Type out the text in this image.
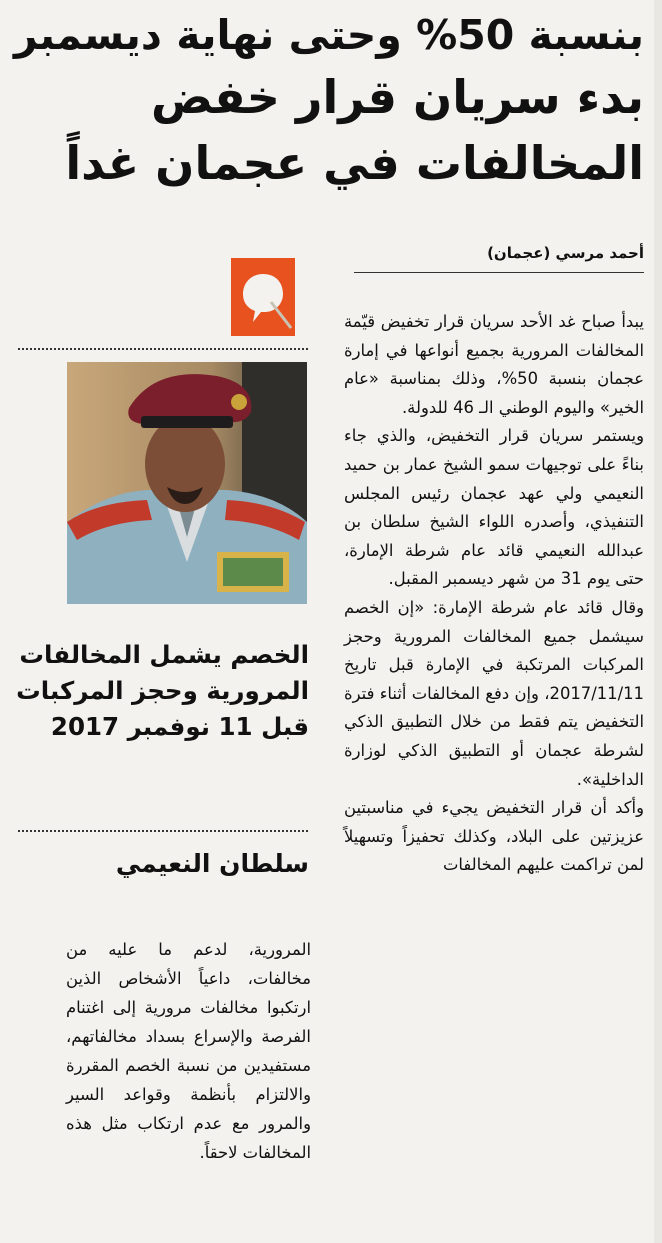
بنسبة 50% وحتى نهاية ديسمبر
بدء سريان قرار خفض
المخالفات في عجمان غداً
أحمد مرسي (عجمان)

يبدأ صباح غد الأحد سريان قرار تخفيض قيّمة المخالفات المرورية بجميع أنواعها في إمارة عجمان بنسبة 50%، وذلك بمناسبة «عام الخير» واليوم الوطني الـ 46 للدولة.

ويستمر سريان قرار التخفيض، والذي جاء بناءً على توجيهات سمو الشيخ عمار بن حميد النعيمي ولي عهد عجمان رئيس المجلس التنفيذي، وأصدره اللواء الشيخ سلطان بن عبدالله النعيمي قائد عام شرطة الإمارة، حتى يوم 31 من شهر ديسمبر المقبل.

وقال قائد عام شرطة الإمارة: «إن الخصم سيشمل جميع المخالفات المرورية وحجز المركبات المرتكبة في الإمارة قبل تاريخ 2017/11/11، وإن دفع المخالفات أثناء فترة التخفيض يتم فقط من خلال التطبيق الذكي لشرطة عجمان أو التطبيق الذكي لوزارة الداخلية».

وأكد أن قرار التخفيض يجيء في مناسبتين عزيزتين على البلاد، وكذلك تحفيزاً وتسهيلاً لمن تراكمت عليهم المخالفات

الخصم يشمل المخالفات المرورية وحجز المركبات قبل 11 نوفمبر 2017
سلطان النعيمي

المرورية، لدعم ما عليه من مخالفات، داعياً الأشخاص الذين ارتكبوا مخالفات مرورية إلى اغتنام الفرصة والإسراع بسداد مخالفاتهم، مستفيدين من نسبة الخصم المقررة والالتزام بأنظمة وقواعد السير والمرور مع عدم ارتكاب مثل هذه المخالفات لاحقاً.
